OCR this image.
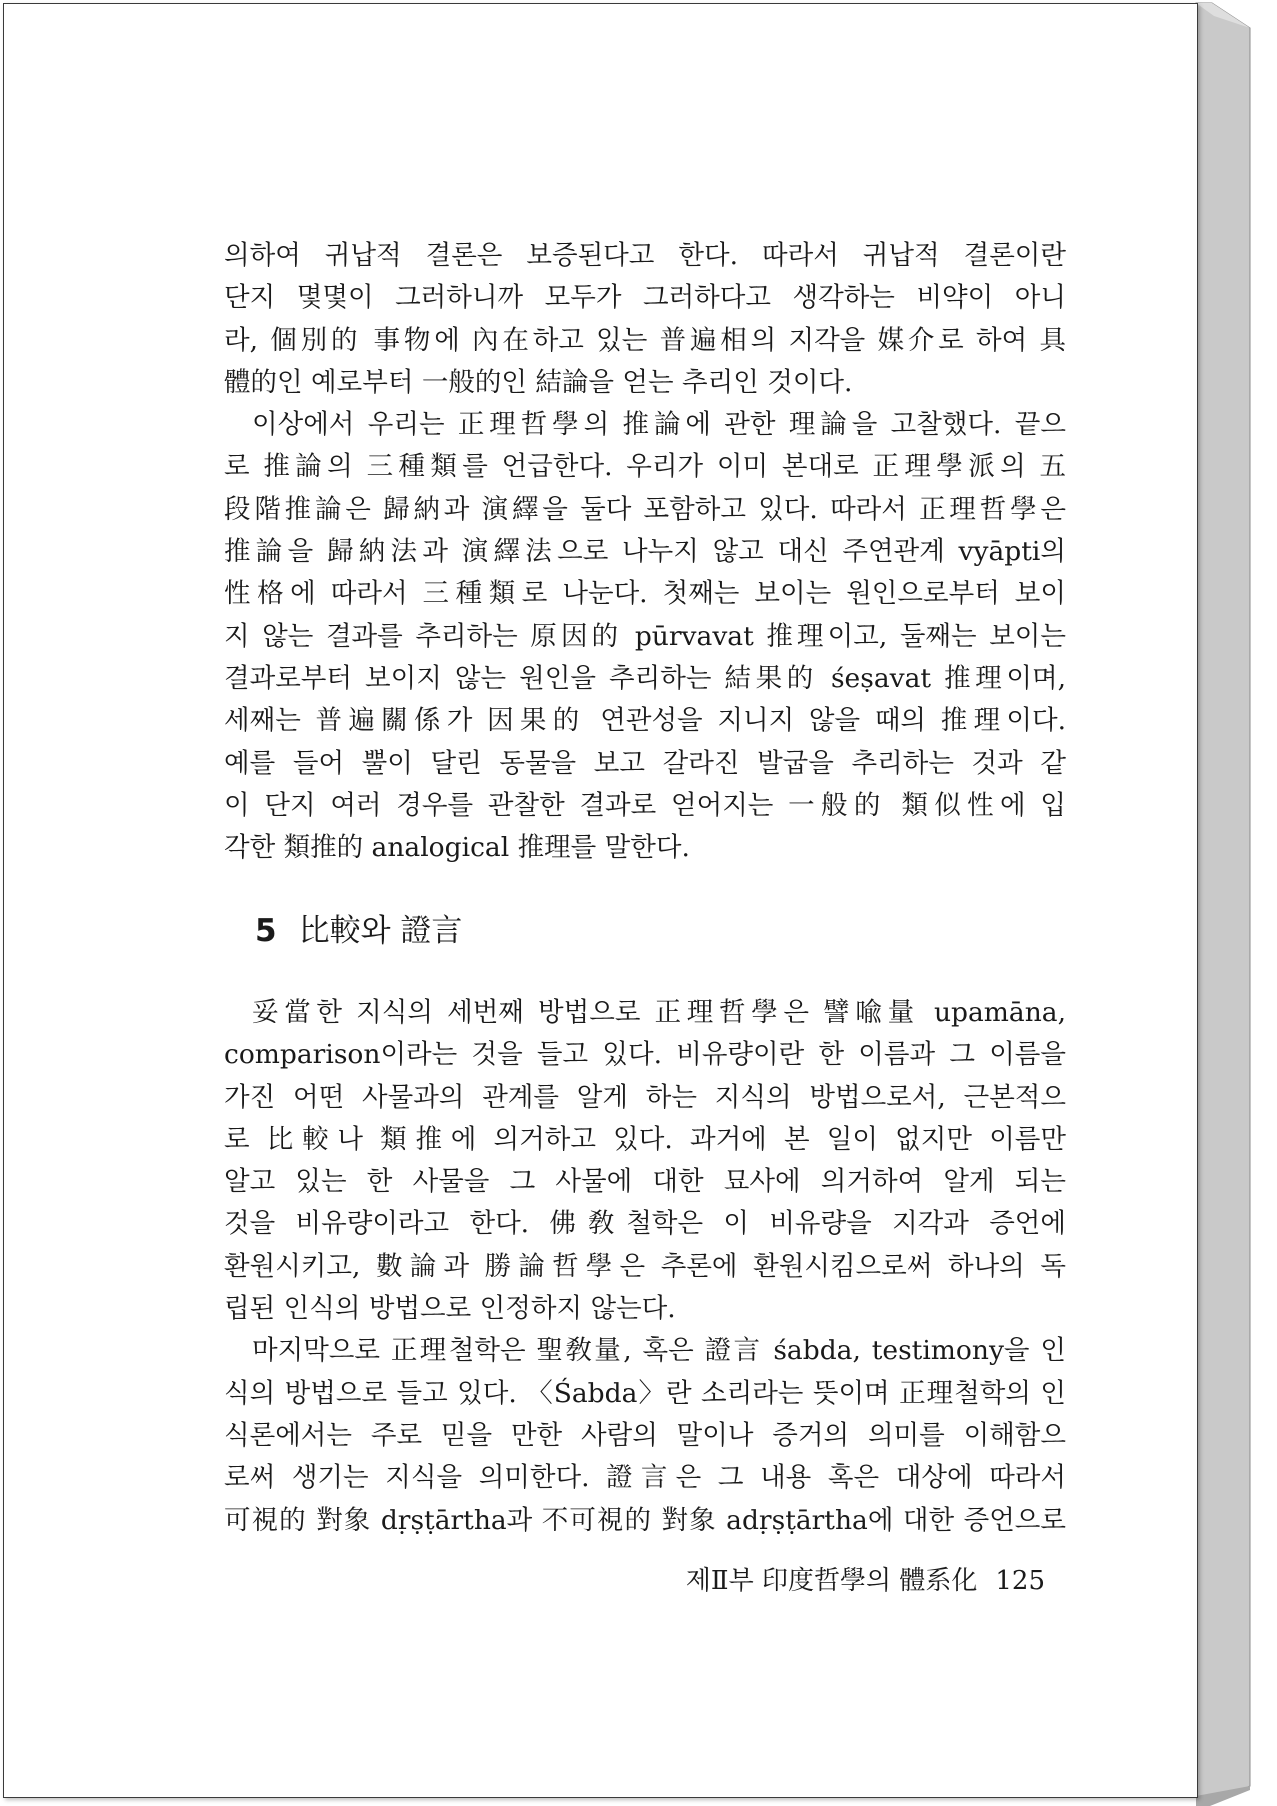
의하여 귀납적 결론은 보증된다고 한다. 따라서 귀납적 결론이란

단지 몇몇이 그러하니까 모두가 그러하다고 생각하는 비약이 아니

라, 個別的 事物에 內在하고 있는 普遍相의 지각을 媒介로 하여 具

體的인 예로부터 一般的인 結論을 얻는 추리인 것이다.

이상에서 우리는 正理哲學의 推論에 관한 理論을 고찰했다. 끝으

로 推論의 三種類를 언급한다. 우리가 이미 본대로 正理學派의 五

段階推論은 歸納과 演繹을 둘다 포함하고 있다. 따라서 正理哲學은

推論을 歸納法과 演繹法으로 나누지 않고 대신 주연관계 vyāpti의

性格에 따라서 三種類로 나눈다. 첫째는 보이는 원인으로부터 보이

지 않는 결과를 추리하는 原因的 pūrvavat 推理이고, 둘째는 보이는

결과로부터 보이지 않는 원인을 추리하는 結果的 śeṣavat 推理이며,

세째는 普遍關係가 因果的 연관성을 지니지 않을 때의 推理이다.

예를 들어 뿔이 달린 동물을 보고 갈라진 발굽을 추리하는 것과 같

이 단지 여러 경우를 관찰한 결과로 얻어지는 一般的 類似性에 입

각한 類推的 analogical 推理를 말한다.

5 比較와 證言

妥當한 지식의 세번째 방법으로 正理哲學은 譬喩量 upamāna,

comparison이라는 것을 들고 있다. 비유량이란 한 이름과 그 이름을

가진 어떤 사물과의 관계를 알게 하는 지식의 방법으로서, 근본적으

로 比較나 類推에 의거하고 있다. 과거에 본 일이 없지만 이름만

알고 있는 한 사물을 그 사물에 대한 묘사에 의거하여 알게 되는

것을 비유량이라고 한다. 佛敎철학은 이 비유량을 지각과 증언에

환원시키고, 數論과 勝論哲學은 추론에 환원시킴으로써 하나의 독

립된 인식의 방법으로 인정하지 않는다.

마지막으로 正理철학은 聖敎量, 혹은 證言 śabda, testimony을 인

식의 방법으로 들고 있다. 〈Śabda〉란 소리라는 뜻이며 正理철학의 인

식론에서는 주로 믿을 만한 사람의 말이나 증거의 의미를 이해함으

로써 생기는 지식을 의미한다. 證言은 그 내용 혹은 대상에 따라서

可視的 對象 dṛṣṭārtha과 不可視的 對象 adṛṣṭārtha에 대한 증언으로

제Ⅱ부 印度哲學의 體系化 125
